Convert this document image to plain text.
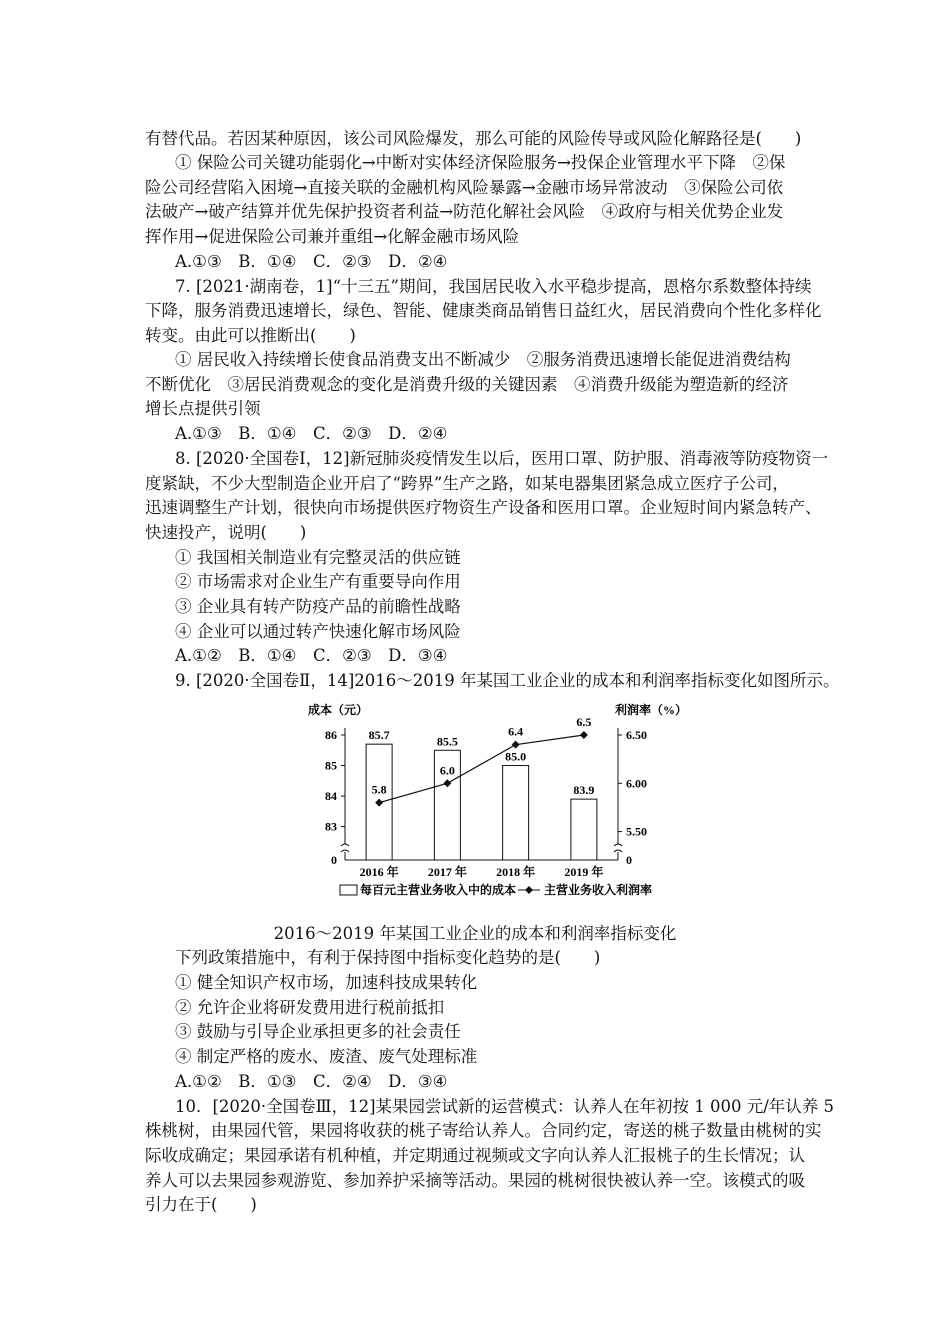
有替代品。若因某种原因，该公司风险爆发，那么可能的风险传导或风险化解路径是(　　)
① 保险公司关键功能弱化→中断对实体经济保险服务→投保企业管理水平下降　②保
险公司经营陷入困境→直接关联的金融机构风险暴露→金融市场异常波动　③保险公司依
法破产→破产结算并优先保护投资者利益→防范化解社会风险　④政府与相关优势企业发
挥作用→促进保险公司兼并重组→化解金融市场风险
A.①③　B．①④　C．②③　D．②④
7. [2021·湖南卷，1]“十三五”期间，我国居民收入水平稳步提高，恩格尔系数整体持续
下降，服务消费迅速增长，绿色、智能、健康类商品销售日益红火，居民消费向个性化多样化
转变。由此可以推断出(　　)
① 居民收入持续增长使食品消费支出不断减少　②服务消费迅速增长能促进消费结构
不断优化　③居民消费观念的变化是消费升级的关键因素　④消费升级能为塑造新的经济
增长点提供引领
A.①③　B．①④　C．②③　D．②④
8. [2020·全国卷Ⅰ，12]新冠肺炎疫情发生以后，医用口罩、防护服、消毒液等防疫物资一
度紧缺，不少大型制造企业开启了“跨界”生产之路，如某电器集团紧急成立医疗子公司，
迅速调整生产计划，很快向市场提供医疗物资生产设备和医用口罩。企业短时间内紧急转产、
快速投产，说明(　　)
① 我国相关制造业有完整灵活的供应链
② 市场需求对企业生产有重要导向作用
③ 企业具有转产防疫产品的前瞻性战略
④ 企业可以通过转产快速化解市场风险
A.①②　B．①④　C．②③　D．③④
9. [2020·全国卷Ⅱ，14]2016～2019 年某国工业企业的成本和利润率指标变化如图所示。
成本（元）	利润率（%）
85.7	85.5
85.0
83.9
5.8
6.0
6.4
6.5
86
85
84
83
0
6.50
6.00
5.50
0
2016 年 2017 年 2018 年 2019 年
每百元主营业务收入中的成本 主营业务收入利润率
2016～2019 年某国工业企业的成本和利润率指标变化
下列政策措施中，有利于保持图中指标变化趋势的是(　　)
① 健全知识产权市场，加速科技成果转化
② 允许企业将研发费用进行税前抵扣
③ 鼓励与引导企业承担更多的社会责任
④ 制定严格的废水、废渣、废气处理标准
A.①②　B．①③　C．②④　D．③④
10．[2020·全国卷Ⅲ，12]某果园尝试新的运营模式：认养人在年初按 1 000 元/年认养 5
株桃树，由果园代管，果园将收获的桃子寄给认养人。合同约定，寄送的桃子数量由桃树的实
际收成确定；果园承诺有机种植，并定期通过视频或文字向认养人汇报桃子的生长情况；认
养人可以去果园参观游览、参加养护采摘等活动。果园的桃树很快被认养一空。该模式的吸
引力在于(　　)
